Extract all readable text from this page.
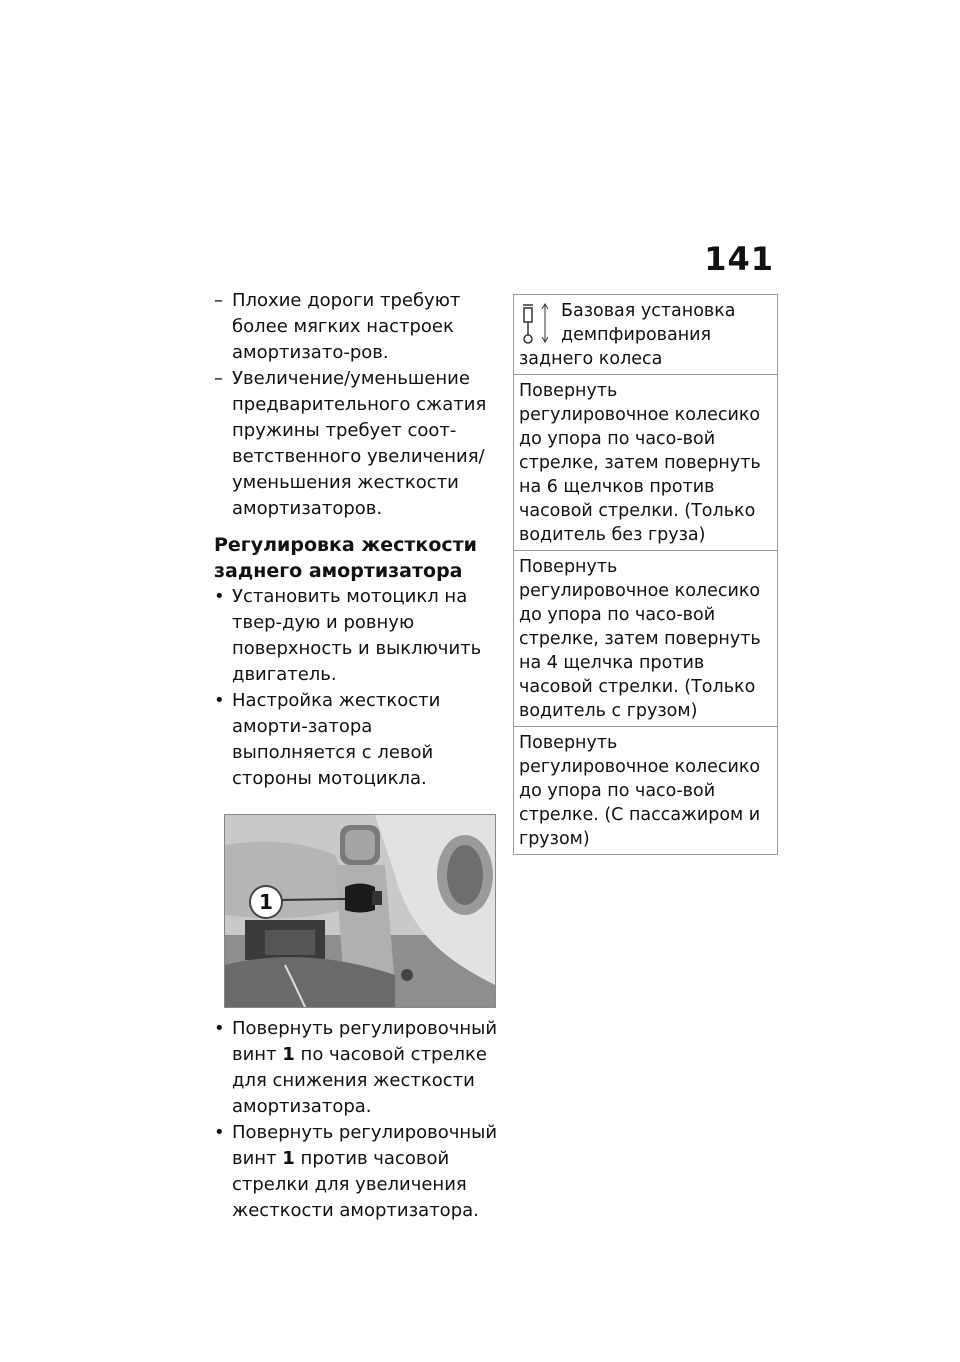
141
– Плохие дороги требуют более мягких настроек амортизато-ров.
– Увеличение/уменьшение предварительного сжатия пружины требует соот-ветственного увеличения/уменьшения жесткости амортизаторов.
Регулировка жесткости заднего амортизатора
• Установить мотоцикл на твер-дую и ровную поверхность и выключить двигатель.
• Настройка жесткости аморти-затора выполняется с левой стороны мотоцикла.
1
• Повернуть регулировочный винт 1 по часовой стрелке для снижения жесткости амортизатора.
• Повернуть регулировочный винт 1 против часовой стрелки для увеличения жесткости амортизатора.
Базовая установка демпфирования заднего колеса
Повернуть регулировочное колесико до упора по часо-вой стрелке, затем повернуть на 6 щелчков против часовой стрелки. (Только водитель без груза)
Повернуть регулировочное колесико до упора по часо-вой стрелке, затем повернуть на 4 щелчка против часовой стрелки. (Только водитель с грузом)
Повернуть регулировочное колесико до упора по часо-вой стрелке. (С пассажиром и грузом)
